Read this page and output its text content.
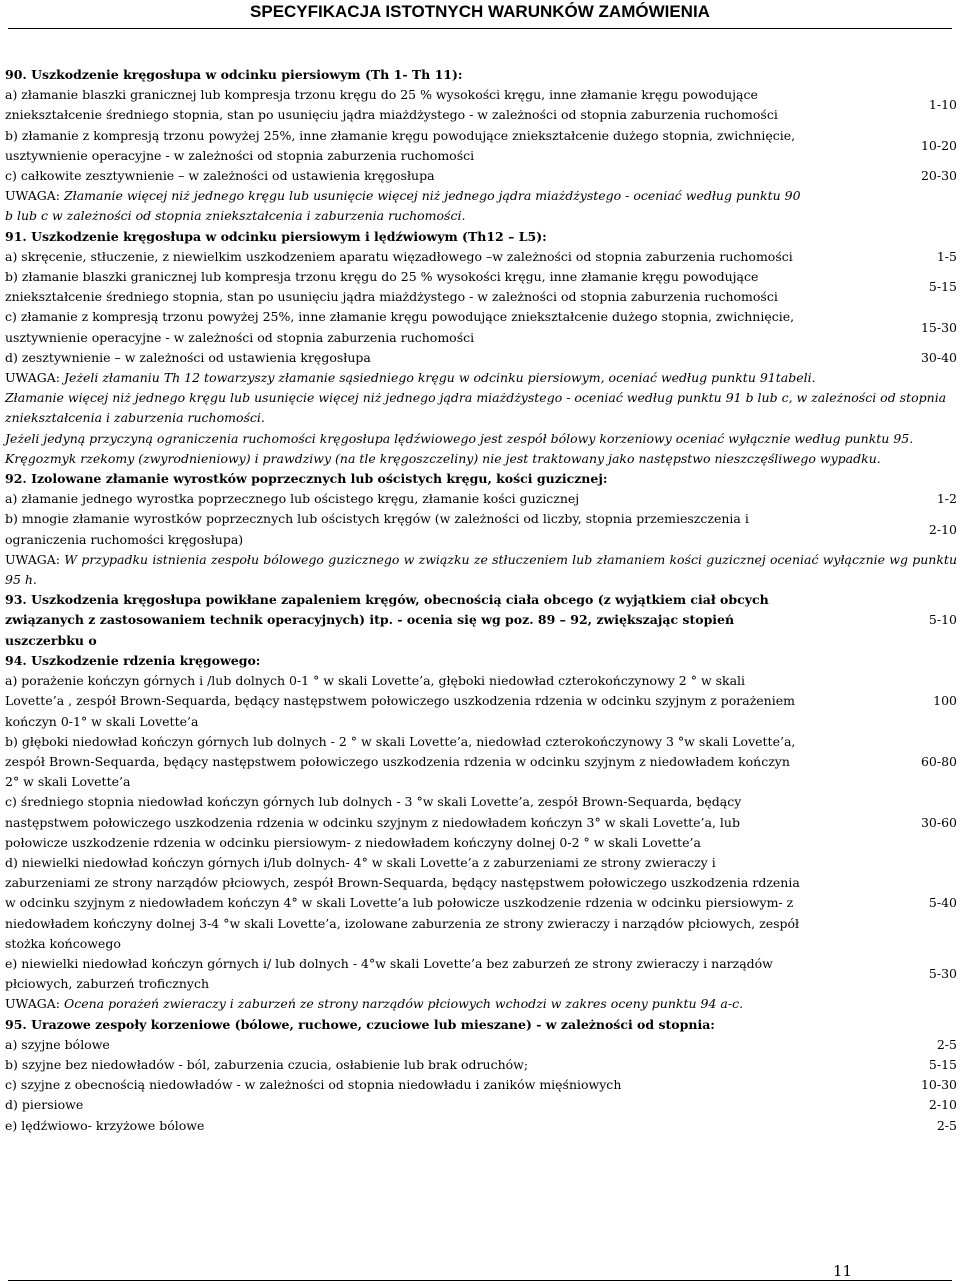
SPECYFIKACJA ISTOTNYCH WARUNKÓW ZAMÓWIENIA

90. Uszkodzenie kręgosłupa w odcinku piersiowym (Th 1- Th 11):

a) złamanie blaszki granicznej lub kompresja trzonu kręgu do 25 % wysokości kręgu, inne złamanie kręgu powodujące zniekształcenie średniego stopnia, stan po usunięciu jądra miażdżystego - w zależności od stopnia zaburzenia ruchomości
1-10
b) złamanie z kompresją trzonu powyżej 25%, inne złamanie kręgu powodujące zniekształcenie dużego stopnia, zwichnięcie, usztywnienie operacyjne - w zależności od stopnia zaburzenia ruchomości
10-20
c) całkowite zesztywnienie – w zależności od ustawienia kręgosłupa	20-30

UWAGA: Złamanie więcej niż jednego kręgu lub usunięcie więcej niż jednego jądra miażdżystego - oceniać według punktu 90 b lub c w zależności od stopnia zniekształcenia i zaburzenia ruchomości.

91. Uszkodzenie kręgosłupa w odcinku piersiowym i lędźwiowym (Th12 – L5):

a) skręcenie, stłuczenie, z niewielkim uszkodzeniem aparatu więzadłowego –w zależności od stopnia zaburzenia ruchomości	1-5
b) złamanie blaszki granicznej lub kompresja trzonu kręgu do 25 % wysokości kręgu, inne złamanie kręgu powodujące zniekształcenie średniego stopnia, stan po usunięciu jądra miażdżystego - w zależności od stopnia zaburzenia ruchomości
5-15
c) złamanie z kompresją trzonu powyżej 25%, inne złamanie kręgu powodujące zniekształcenie dużego stopnia, zwichnięcie, usztywnienie operacyjne - w zależności od stopnia zaburzenia ruchomości
15-30
d) zesztywnienie – w zależności od ustawienia kręgosłupa	30-40

UWAGA: Jeżeli złamaniu Th 12 towarzyszy złamanie sąsiedniego kręgu w odcinku piersiowym, oceniać według punktu 91tabeli.

Złamanie więcej niż jednego kręgu lub usunięcie więcej niż jednego jądra miażdżystego - oceniać według punktu 91 b lub c, w zależności od stopnia zniekształcenia i zaburzenia ruchomości.

Jeżeli jedyną przyczyną ograniczenia ruchomości kręgosłupa lędźwiowego jest zespół bólowy korzeniowy oceniać wyłącznie według punktu 95.

Kręgozmyk rzekomy (zwyrodnieniowy) i prawdziwy (na tle kręgoszczeliny) nie jest traktowany jako następstwo nieszczęśliwego wypadku.

92. Izolowane złamanie wyrostków poprzecznych lub ościstych kręgu, kości guzicznej:

a) złamanie jednego wyrostka poprzecznego lub ościstego kręgu, złamanie kości guzicznej	1-2
b) mnogie złamanie wyrostków poprzecznych lub ościstych kręgów (w zależności od liczby, stopnia przemieszczenia i ograniczenia ruchomości kręgosłupa)
2-10

UWAGA: W przypadku istnienia zespołu bólowego guzicznego w związku ze stłuczeniem lub złamaniem kości guzicznej oceniać wyłącznie wg punktu 95 h.

93. Uszkodzenia kręgosłupa powikłane zapaleniem kręgów, obecnością ciała obcego (z wyjątkiem ciał obcych związanych z zastosowaniem technik operacyjnych) itp. - ocenia się wg poz. 89 – 92, zwiększając stopień uszczerbku o
5-10

94. Uszkodzenie rdzenia kręgowego:

a) porażenie kończyn górnych i /lub dolnych 0-1 ° w skali Lovette’a, głęboki niedowład czterokończynowy 2 ° w skali Lovette’a , zespół Brown-Sequarda, będący następstwem połowiczego uszkodzenia rdzenia w odcinku szyjnym z porażeniem kończyn 0-1° w skali Lovette’a
100
b) głęboki niedowład kończyn górnych lub dolnych - 2 ° w skali Lovette’a, niedowład czterokończynowy 3 °w skali Lovette’a, zespół Brown-Sequarda, będący następstwem połowiczego uszkodzenia rdzenia w odcinku szyjnym z niedowładem kończyn 2° w skali Lovette’a
60-80
c) średniego stopnia niedowład kończyn górnych lub dolnych - 3 °w skali Lovette’a, zespół Brown-Sequarda, będący następstwem połowiczego uszkodzenia rdzenia w odcinku szyjnym z niedowładem kończyn 3° w skali Lovette’a, lub połowicze uszkodzenie rdzenia w odcinku piersiowym- z niedowładem kończyny dolnej 0-2 ° w skali Lovette’a
30-60
d) niewielki niedowład kończyn górnych i/lub dolnych- 4° w skali Lovette’a z zaburzeniami ze strony zwieraczy i zaburzeniami ze strony narządów płciowych, zespół Brown-Sequarda, będący następstwem połowiczego uszkodzenia rdzenia w odcinku szyjnym z niedowładem kończyn 4° w skali Lovette’a lub połowicze uszkodzenie rdzenia w odcinku piersiowym- z niedowładem kończyny dolnej 3-4 °w skali Lovette’a, izolowane zaburzenia ze strony zwieraczy i narządów płciowych, zespół stożka końcowego
5-40
e) niewielki niedowład kończyn górnych i/ lub dolnych - 4°w skali Lovette’a bez zaburzeń ze strony zwieraczy i narządów płciowych, zaburzeń troficznych
5-30

UWAGA: Ocena porażeń zwieraczy i zaburzeń ze strony narządów płciowych wchodzi w zakres oceny punktu 94 a-c.

95. Urazowe zespoły korzeniowe (bólowe, ruchowe, czuciowe lub mieszane) - w zależności od stopnia:

a) szyjne bólowe	2-5
b) szyjne bez niedowładów - ból, zaburzenia czucia, osłabienie lub brak odruchów;	5-15
c) szyjne z obecnością niedowładów - w zależności od stopnia niedowładu i zaników mięśniowych	10-30
d) piersiowe	2-10
e) lędźwiowo- krzyżowe bólowe	2-5
11
